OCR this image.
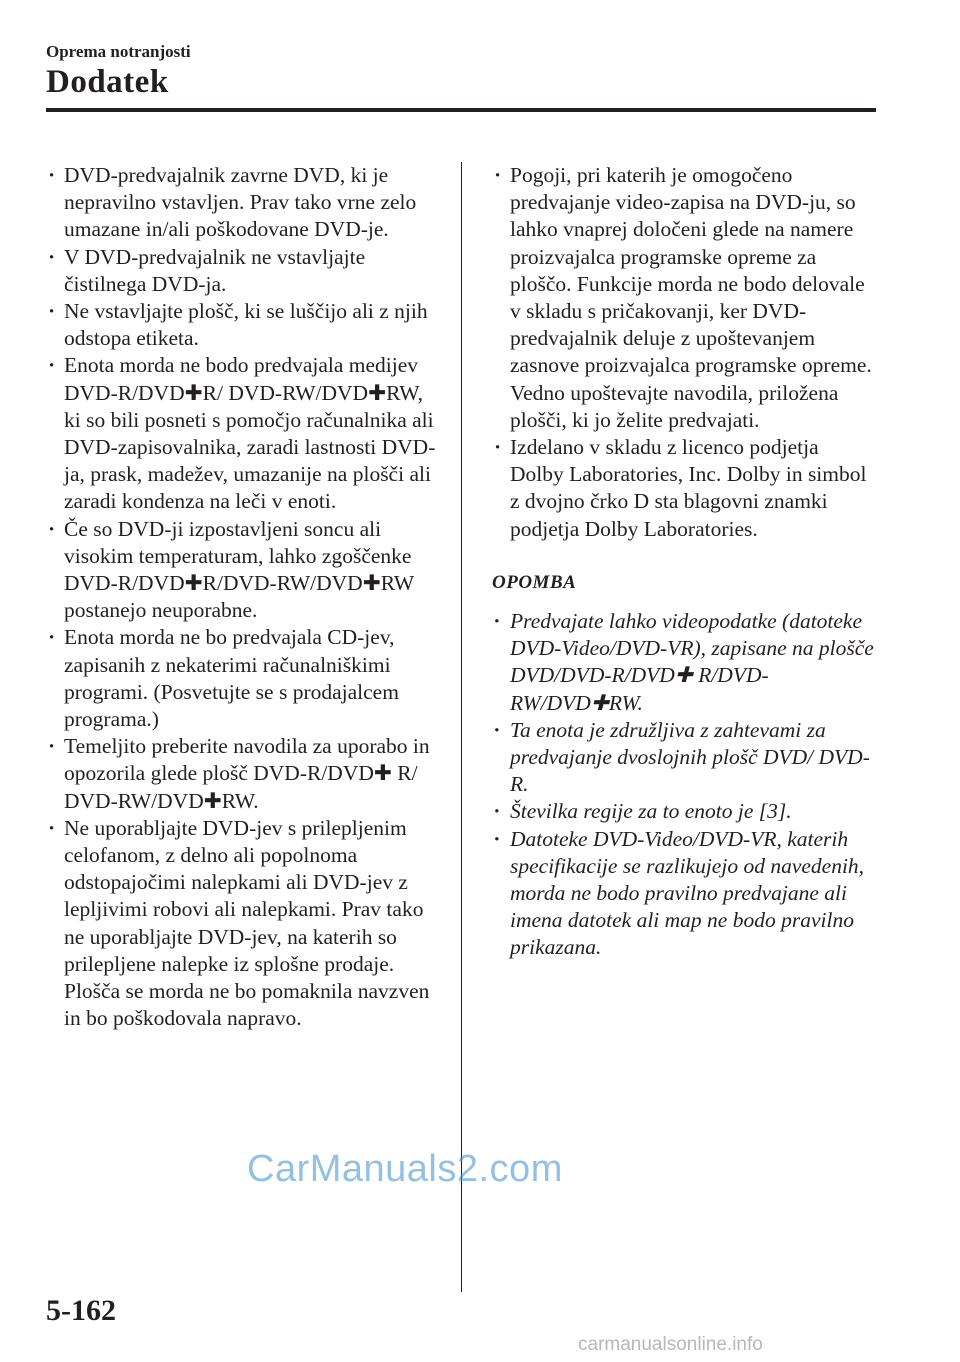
Oprema notranjosti
Dodatek
· DVD-predvajalnik zavrne DVD, ki je nepravilno vstavljen. Prav tako vrne zelo umazane in/ali poškodovane DVD-je.
· V DVD-predvajalnik ne vstavljajte čistilnega DVD-ja.
· Ne vstavljajte plošč, ki se luščijo ali z njih odstopa etiketa.
· Enota morda ne bodo predvajala medijev DVD-R/DVD✚R/ DVD-RW/DVD✚RW, ki so bili posneti s pomočjo računalnika ali DVD-zapisovalnika, zaradi lastnosti DVD-ja, prask, madežev, umazanije na plošči ali zaradi kondenza na leči v enoti.
· Če so DVD-ji izpostavljeni soncu ali visokim temperaturam, lahko zgoščenke DVD-R/DVD✚R/DVD-RW/DVD✚RW postanejo neuporabne.
· Enota morda ne bo predvajala CD-jev, zapisanih z nekaterimi računalniškimi programi. (Posvetujte se s prodajalcem programa.)
· Temeljito preberite navodila za uporabo in opozorila glede plošč DVD-R/DVD✚ R/ DVD-RW/DVD✚RW.
· Ne uporabljajte DVD-jev s prilepljenim celofanom, z delno ali popolnoma odstopajočimi nalepkami ali DVD-jev z lepljivimi robovi ali nalepkami. Prav tako ne uporabljajte DVD-jev, na katerih so prilepljene nalepke iz splošne prodaje. Plošča se morda ne bo pomaknila navzven in bo poškodovala napravo.
· Pogoji, pri katerih je omogočeno predvajanje video-zapisa na DVD-ju, so lahko vnaprej določeni glede na namere proizvajalca programske opreme za ploščo. Funkcije morda ne bodo delovale v skladu s pričakovanji, ker DVD-predvajalnik deluje z upoštevanjem zasnove proizvajalca programske opreme. Vedno upoštevajte navodila, priložena plošči, ki jo želite predvajati.
· Izdelano v skladu z licenco podjetja Dolby Laboratories, Inc. Dolby in simbol z dvojno črko D sta blagovni znamki podjetja Dolby Laboratories.
OPOMBA
· Predvajate lahko videopodatke (datoteke DVD-Video/DVD-VR), zapisane na plošče DVD/DVD-R/DVD✚ R/DVD-RW/DVD✚RW.
· Ta enota je združljiva z zahtevami za predvajanje dvoslojnih plošč DVD/ DVD-R.
· Številka regije za to enoto je [3].
· Datoteke DVD-Video/DVD-VR, katerih specifikacije se razlikujejo od navedenih, morda ne bodo pravilno predvajane ali imena datotek ali map ne bodo pravilno prikazana.
CarManuals2.com
5-162
carmanualsonline.info
